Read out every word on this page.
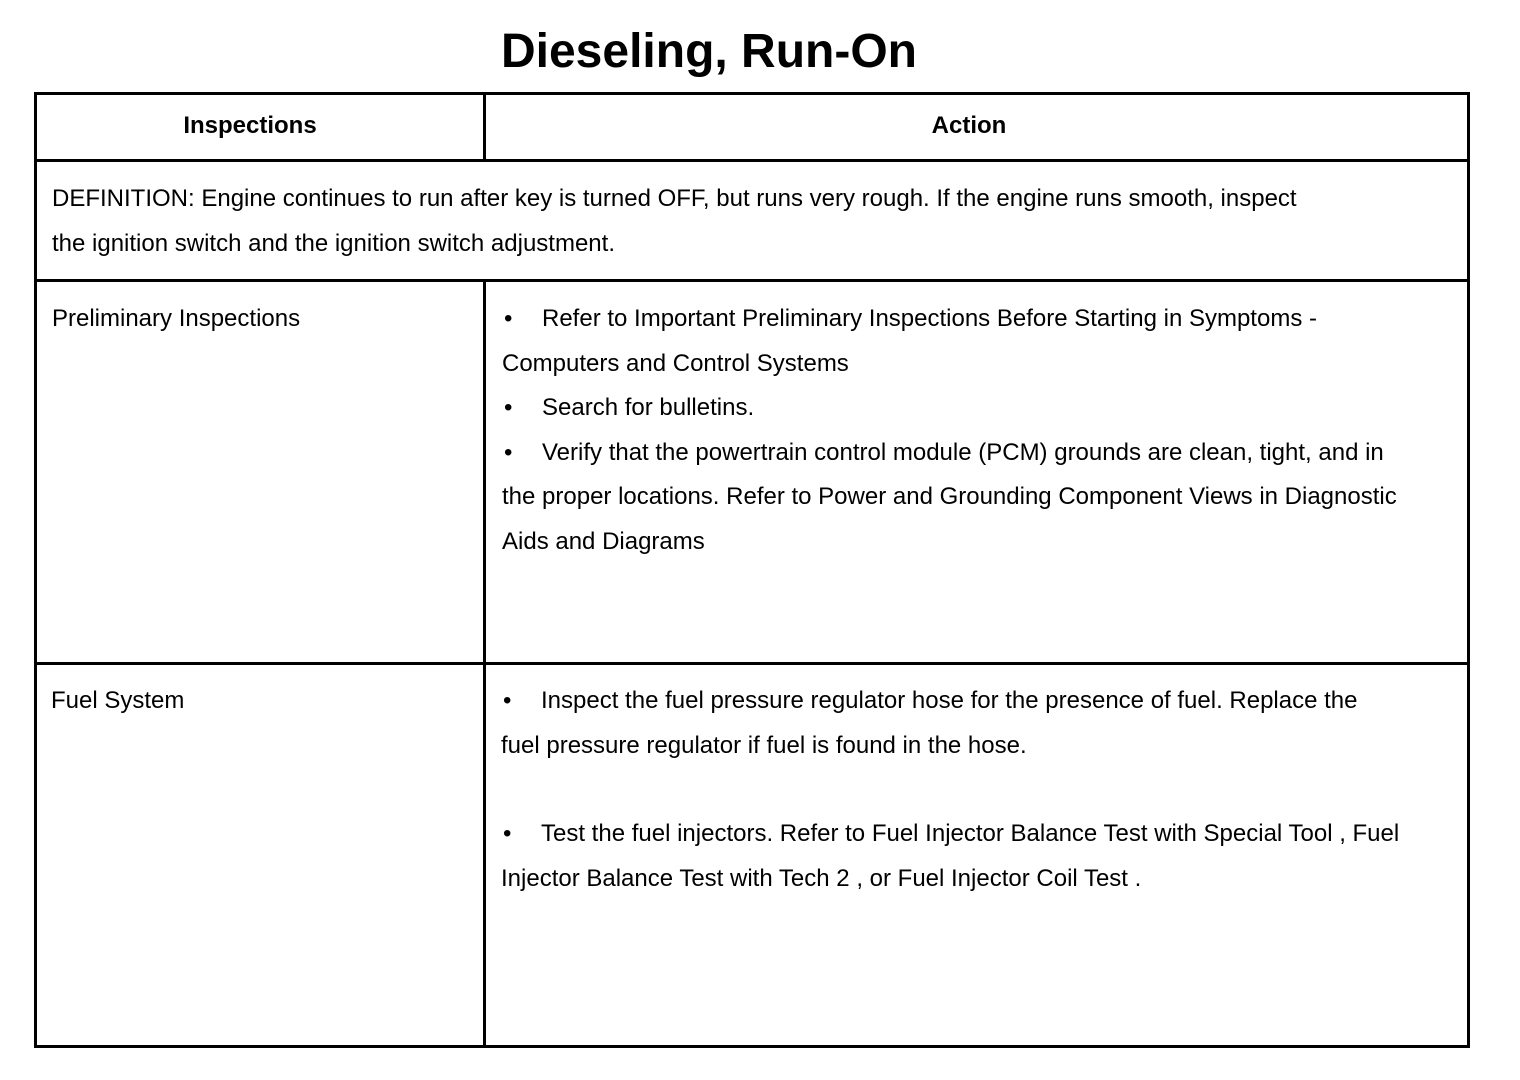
Dieseling, Run-On
Inspections	Action

DEFINITION: Engine continues to run after key is turned OFF, but runs very rough. If the engine runs smooth, inspect the ignition switch and the ignition switch adjustment.

Preliminary Inspections	• Refer to Important Preliminary Inspections Before Starting in Symptoms - Computers and Control Systems
• Search for bulletins.
• Verify that the powertrain control module (PCM) grounds are clean, tight, and in the proper locations. Refer to Power and Grounding Component Views in Diagnostic Aids and Diagrams

Fuel System	• Inspect the fuel pressure regulator hose for the presence of fuel. Replace the fuel pressure regulator if fuel is found in the hose.
• Test the fuel injectors. Refer to Fuel Injector Balance Test with Special Tool , Fuel Injector Balance Test with Tech 2 , or Fuel Injector Coil Test .
